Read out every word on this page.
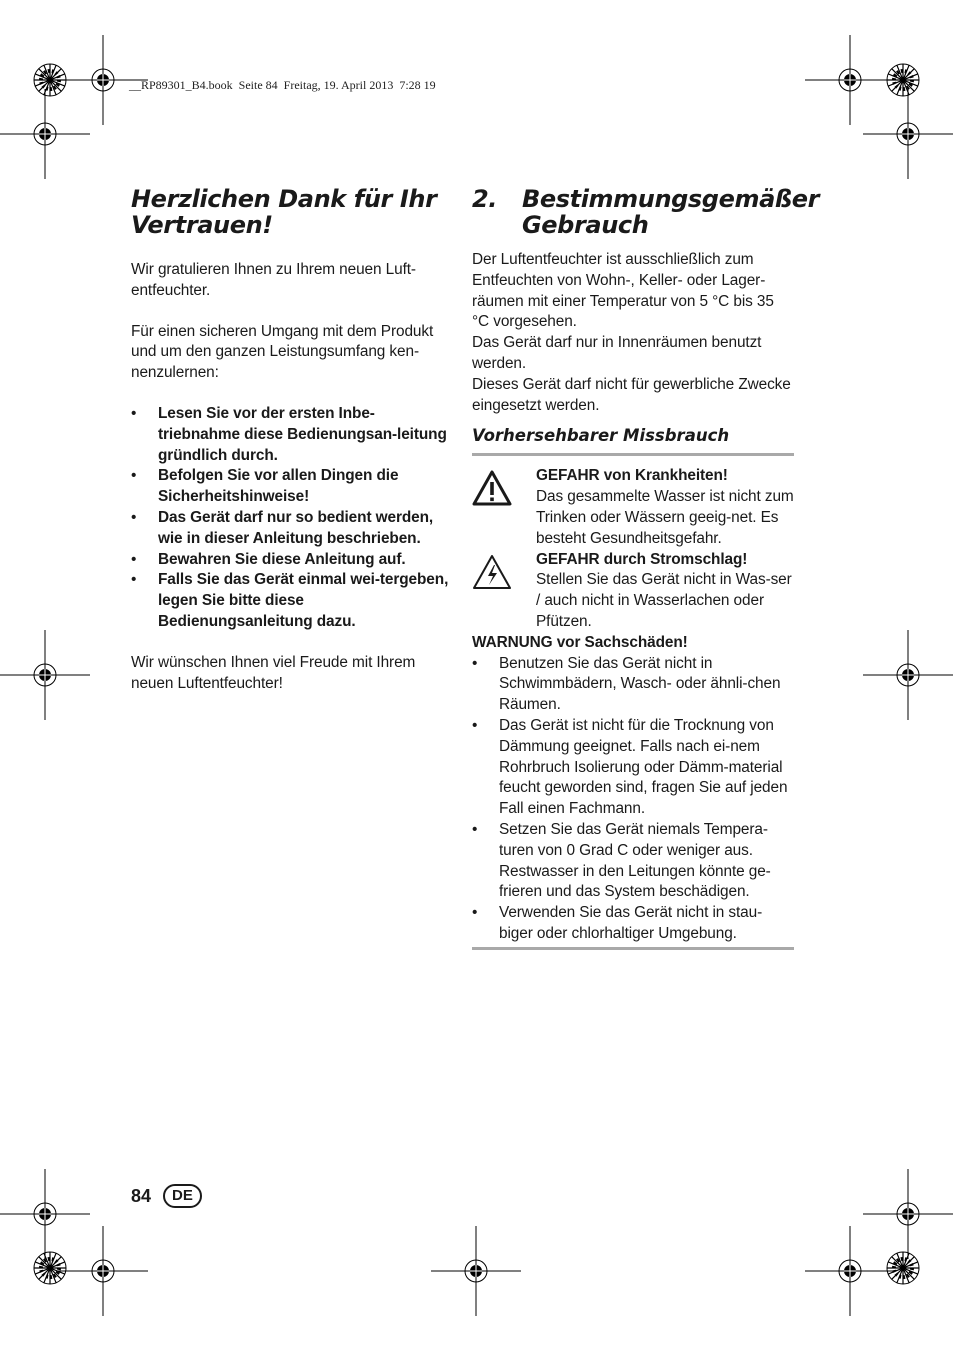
__RP89301_B4.book  Seite 84  Freitag, 19. April 2013  7:28 19
Herzlichen Dank für Ihr Vertrauen!

Wir gratulieren Ihnen zu Ihrem neuen Luft-entfeuchter.

Für einen sicheren Umgang mit dem Produkt und um den ganzen Leistungsumfang ken-nenzulernen:

• Lesen Sie vor der ersten Inbe-triebnahme diese Bedienungsan-leitung gründlich durch.
• Befolgen Sie vor allen Dingen die Sicherheitshinweise!
• Das Gerät darf nur so bedient werden, wie in dieser Anleitung beschrieben.
• Bewahren Sie diese Anleitung auf.
• Falls Sie das Gerät einmal wei-tergeben, legen Sie bitte diese Bedienungsanleitung dazu.

Wir wünschen Ihnen viel Freude mit Ihrem neuen Luftentfeuchter!

2.	Bestimmungsgemäßer Gebrauch

Der Luftentfeuchter ist ausschließlich zum Entfeuchten von Wohn-, Keller- oder Lager-räumen mit einer Temperatur von 5 °C bis 35 °C vorgesehen.

Das Gerät darf nur in Innenräumen benutzt werden.

Dieses Gerät darf nicht für gewerbliche Zwecke eingesetzt werden.

Vorhersehbarer Missbrauch

GEFAHR von Krankheiten!

Das gesammelte Wasser ist nicht zum Trinken oder Wässern geeig-net. Es besteht Gesundheitsgefahr.

GEFAHR durch Stromschlag!

Stellen Sie das Gerät nicht in Was-ser / auch nicht in Wasserlachen oder Pfützen.

WARNUNG vor Sachschäden!

• Benutzen Sie das Gerät nicht in Schwimmbädern, Wasch- oder ähnli-chen Räumen.
• Das Gerät ist nicht für die Trocknung von Dämmung geeignet. Falls nach ei-nem Rohrbruch Isolierung oder Dämm-material feucht geworden sind, fragen Sie auf jeden Fall einen Fachmann.
• Setzen Sie das Gerät niemals Tempera-turen von 0 Grad C oder weniger aus. Restwasser in den Leitungen könnte ge-frieren und das System beschädigen.
• Verwenden Sie das Gerät nicht in stau-biger oder chlorhaltiger Umgebung.
84	DE
